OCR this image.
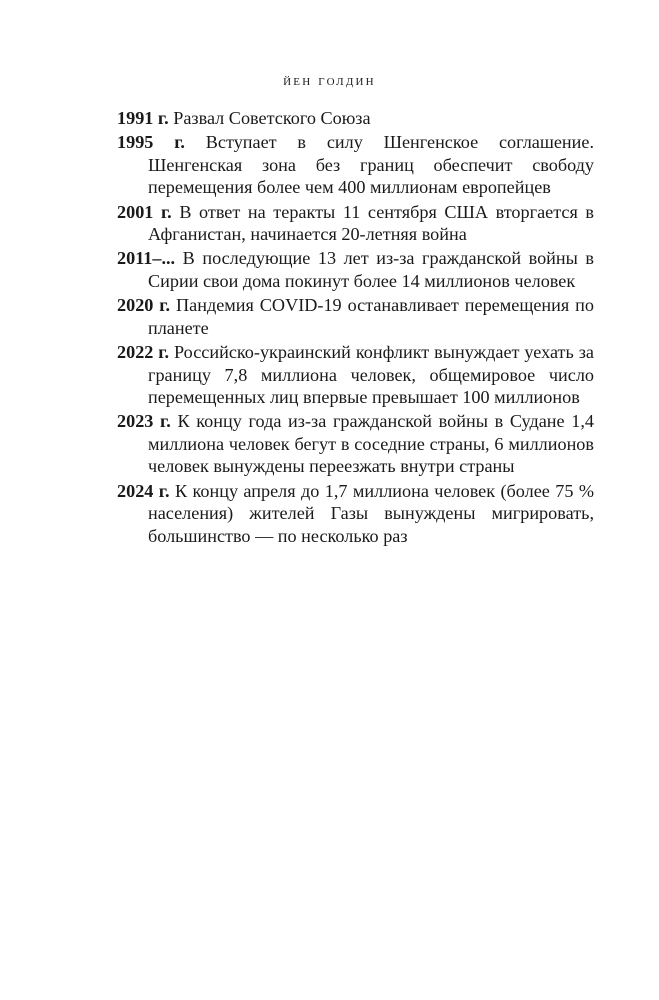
йен голдин
1991 г. Развал Советского Союза
1995 г. Вступает в силу Шенгенское соглашение. Шенгенская зона без границ обеспечит свободу перемещения более чем 400 миллионам европейцев
2001 г. В ответ на теракты 11 сентября США вторгается в Афганистан, начинается 20-летняя война
2011–... В последующие 13 лет из-за гражданской войны в Сирии свои дома покинут более 14 миллионов человек
2020 г. Пандемия COVID-19 останавливает перемещения по планете
2022 г. Российско-украинский конфликт вынуждает уехать за границу 7,8 миллиона человек, общемировое число перемещенных лиц впервые превышает 100 миллионов
2023 г. К концу года из-за гражданской войны в Судане 1,4 миллиона человек бегут в соседние страны, 6 миллионов человек вынуждены переезжать внутри страны
2024 г. К концу апреля до 1,7 миллиона человек (более 75 % населения) жителей Газы вынуждены мигрировать, большинство — по несколько раз
